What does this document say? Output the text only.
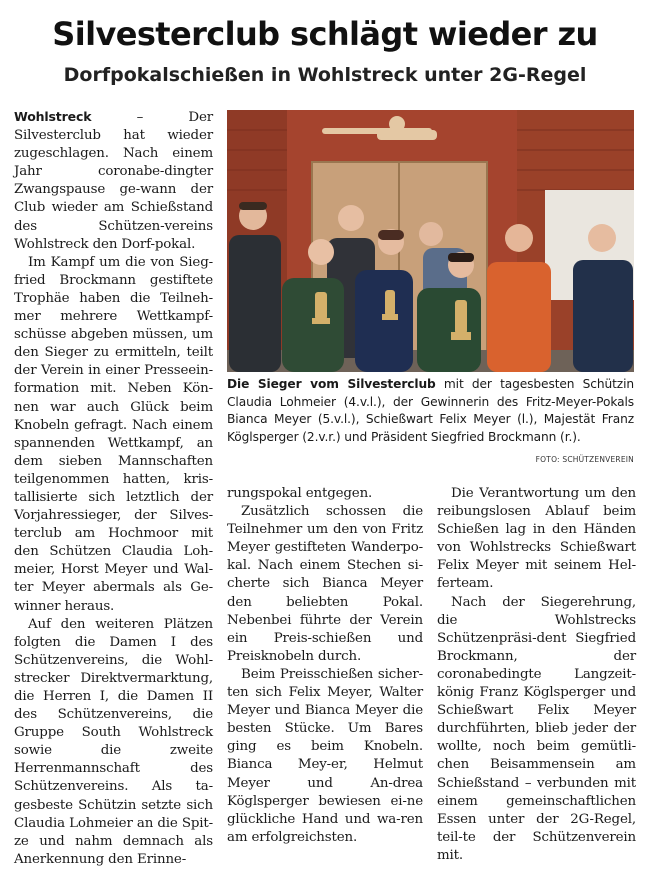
Silvesterclub schlägt wieder zu
Dorfpokalschießen in Wohlstreck unter 2G-Regel

Wohlstreck – Der Silvesterclub hat wieder zugeschlagen. Nach einem Jahr coronabe-dingter Zwangspause ge-wann der Club wieder am Schießstand des Schützen-vereins Wohlstreck den Dorf-pokal.

Im Kampf um die von Sieg-fried Brockmann gestiftete Trophäe haben die Teilneh-mer mehrere Wettkampf-schüsse abgeben müssen, um den Sieger zu ermitteln, teilt der Verein in einer Presseein-formation mit. Neben Kön-nen war auch Glück beim Knobeln gefragt. Nach einem spannenden Wettkampf, an dem sieben Mannschaften teilgenommen hatten, kris-tallisierte sich letztlich der Vorjahressieger, der Silves-terclub am Hochmoor mit den Schützen Claudia Loh-meier, Horst Meyer und Wal-ter Meyer abermals als Ge-winner heraus.

Auf den weiteren Plätzen folgten die Damen I des Schützenvereins, die Wohl-strecker Direktvermarktung, die Herren I, die Damen II des Schützenvereins, die Gruppe South Wohlstreck sowie die zweite Herrenmannschaft des Schützenvereins. Als ta-gesbeste Schützin setzte sich Claudia Lohmeier an die Spit-ze und nahm demnach als Anerkennung den Erinne-

Die Sieger vom Silvesterclub mit der tagesbesten Schützin Claudia Lohmeier (4.v.l.), der Gewinnerin des Fritz-Meyer-Pokals Bianca Meyer (5.v.l.), Schießwart Felix Meyer (l.), Majestät Franz Köglsperger (2.v.r.) und Präsident Siegfried Brockmann (r.).

FOTO: SCHÜTZENVEREIN

rungspokal entgegen.

Zusätzlich schossen die Teilnehmer um den von Fritz Meyer gestifteten Wanderpo-kal. Nach einem Stechen si-cherte sich Bianca Meyer den beliebten Pokal. Nebenbei führte der Verein ein Preis-schießen und Preisknobeln durch.

Beim Preisschießen sicher-ten sich Felix Meyer, Walter Meyer und Bianca Meyer die besten Stücke. Um Bares ging es beim Knobeln. Bianca Mey-er, Helmut Meyer und An-drea Köglsperger bewiesen ei-ne glückliche Hand und wa-ren am erfolgreichsten.

Die Verantwortung um den reibungslosen Ablauf beim Schießen lag in den Händen von Wohlstrecks Schießwart Felix Meyer mit seinem Hel-ferteam.

Nach der Siegerehrung, die Wohlstrecks Schützenpräsi-dent Siegfried Brockmann, der coronabedingte Langzeit-könig Franz Köglsperger und Schießwart Felix Meyer durchführten, blieb jeder der wollte, noch beim gemütli-chen Beisammensein am Schießstand – verbunden mit einem gemeinschaftlichen Essen unter der 2G-Regel, teil-te der Schützenverein mit.
